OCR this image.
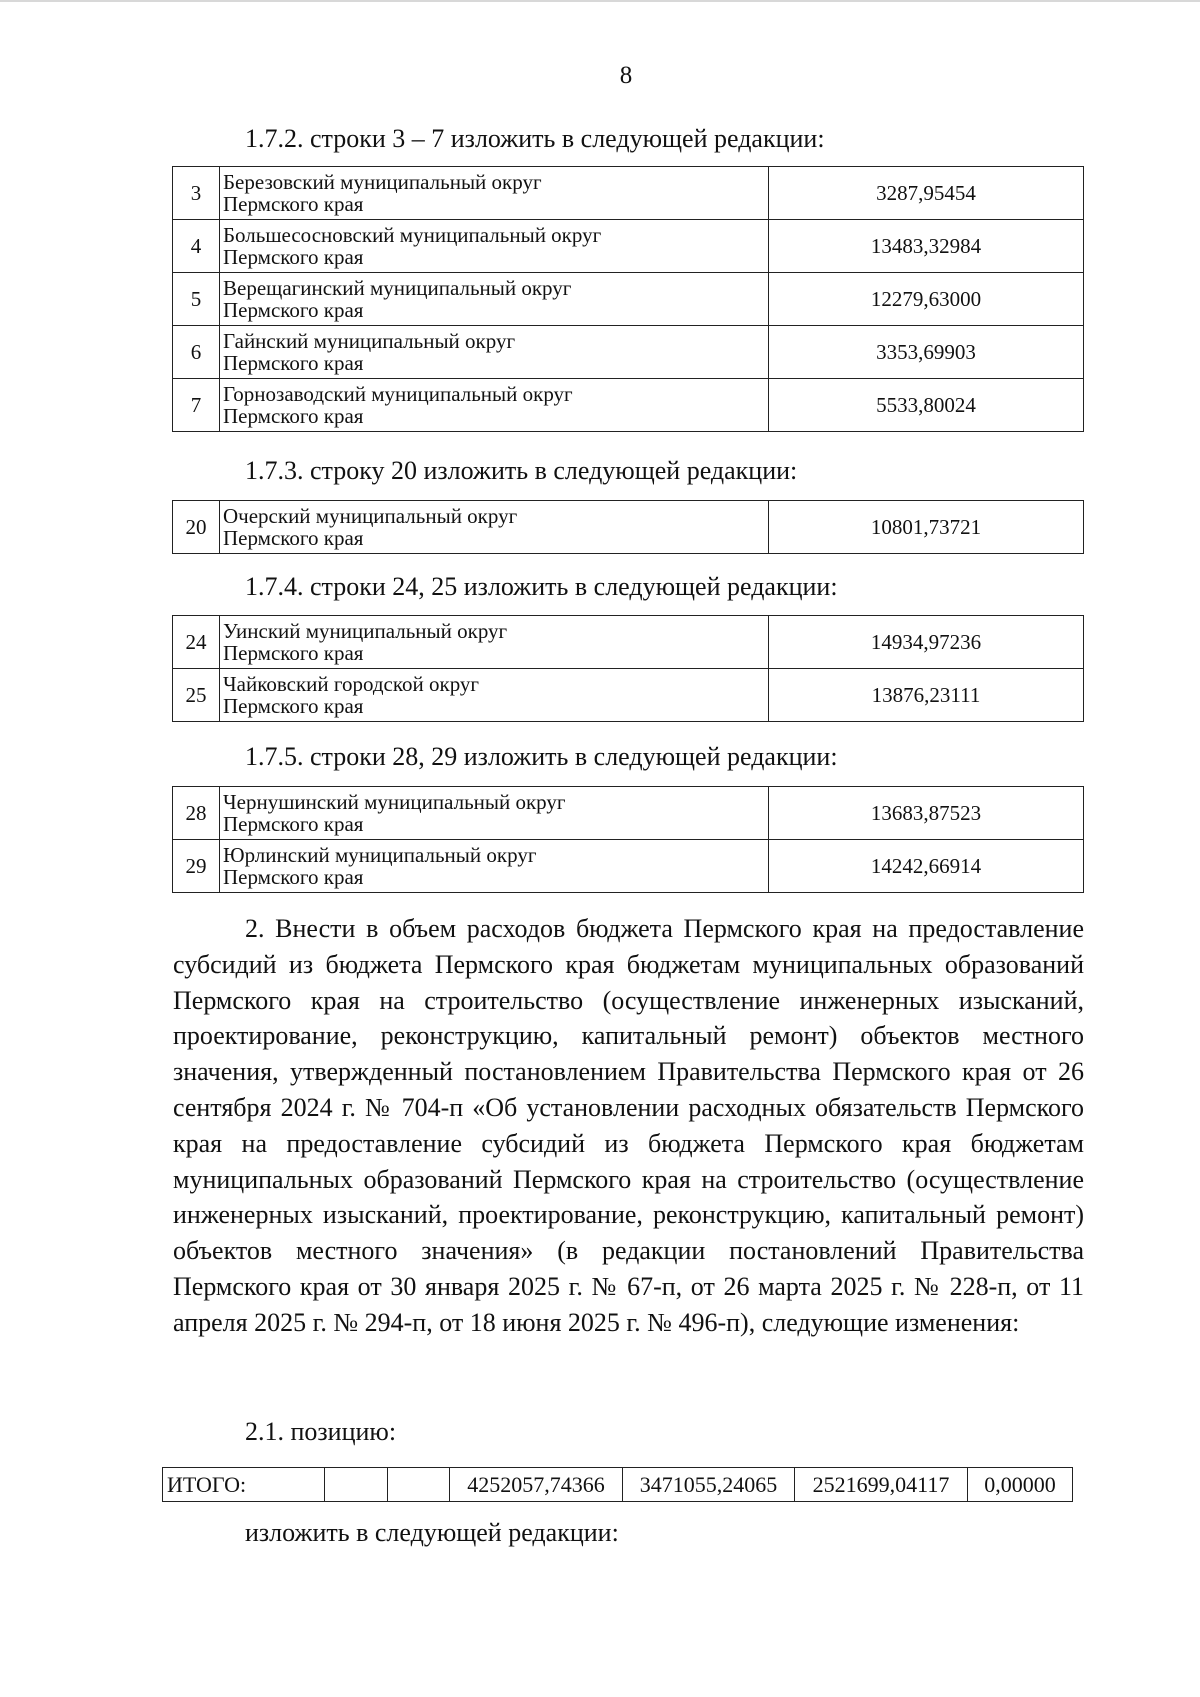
8
1.7.2. строки 3 – 7 изложить в следующей редакции:
3	Березовский муниципальный округ
Пермского края	3287,95454
4	Большесосновский муниципальный округ
Пермского края	13483,32984
5	Верещагинский муниципальный округ
Пермского края	12279,63000
6	Гайнский муниципальный округ
Пермского края	3353,69903
7	Горнозаводский муниципальный округ
Пермского края	5533,80024
1.7.3. строку 20 изложить в следующей редакции:
20	Очерский муниципальный округ
Пермского края	10801,73721
1.7.4. строки 24, 25 изложить в следующей редакции:
24	Уинский муниципальный округ
Пермского края	14934,97236
25	Чайковский городской округ
Пермского края	13876,23111
1.7.5. строки 28, 29 изложить в следующей редакции:
28	Чернушинский муниципальный округ
Пермского края	13683,87523
29	Юрлинский муниципальный округ
Пермского края	14242,66914

2. Внести в объем расходов бюджета Пермского края на предоставление субсидий из бюджета Пермского края бюджетам муниципальных образований Пермского края на строительство (осуществление инженерных изысканий, проектирование, реконструкцию, капитальный ремонт) объектов местного значения, утвержденный постановлением Правительства Пермского края от 26 сентября 2024 г. № 704-п «Об установлении расходных обязательств Пермского края на предоставление субсидий из бюджета Пермского края бюджетам муниципальных образований Пермского края на строительство (осуществление инженерных изысканий, проектирование, реконструкцию, капитальный ремонт) объектов местного значения» (в редакции постановлений Правительства Пермского края от 30 января 2025 г. № 67-п, от 26 марта 2025 г. № 228-п, от 11 апреля 2025 г. № 294-п, от 18 июня 2025 г. № 496-п), следующие изменения:

2.1. позицию:
ИТОГО:			4252057,74366	3471055,24065	2521699,04117	0,00000
изложить в следующей редакции:
